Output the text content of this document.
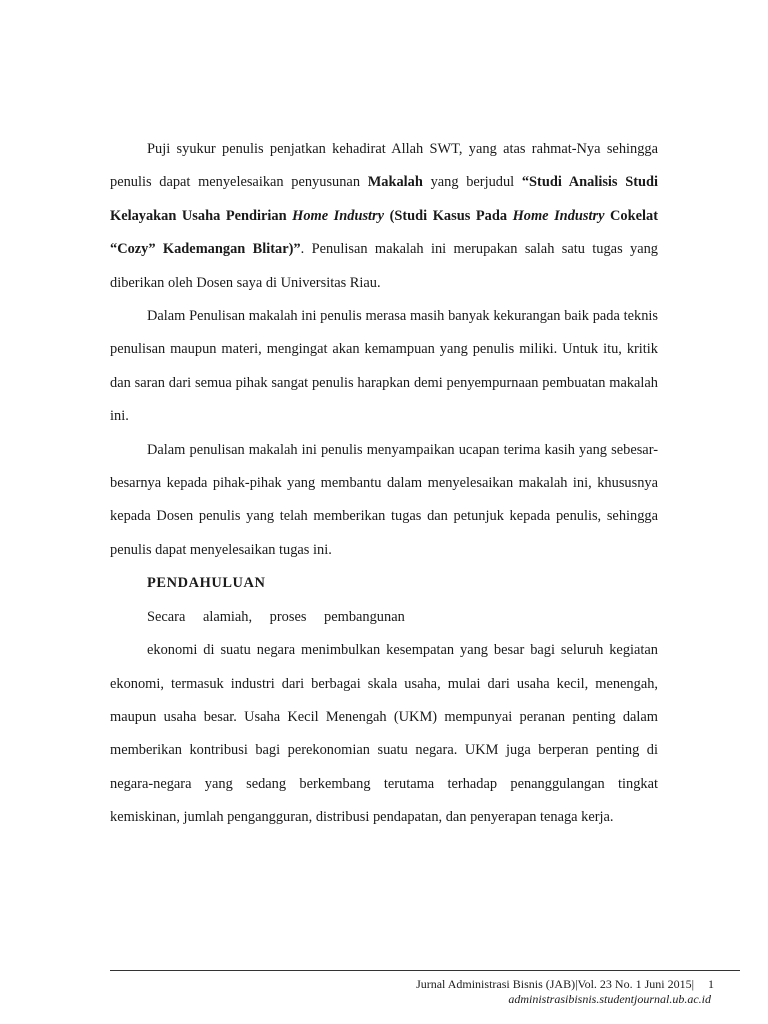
Puji syukur penulis penjatkan kehadirat Allah SWT, yang atas rahmat-Nya sehingga penulis dapat menyelesaikan penyusunan Makalah yang berjudul “Studi Analisis Studi Kelayakan Usaha Pendirian Home Industry (Studi Kasus Pada Home Industry Cokelat “Cozy” Kademangan Blitar)”. Penulisan makalah ini merupakan salah satu tugas yang diberikan oleh Dosen saya di Universitas Riau.

Dalam Penulisan makalah ini penulis merasa masih banyak kekurangan baik pada teknis penulisan maupun materi, mengingat akan kemampuan yang penulis miliki. Untuk itu, kritik dan saran dari semua pihak sangat penulis harapkan demi penyempurnaan pembuatan makalah ini.

Dalam penulisan makalah ini penulis menyampaikan ucapan terima kasih yang sebesar-besarnya kepada pihak-pihak yang membantu dalam menyelesaikan makalah ini, khususnya kepada Dosen penulis yang telah memberikan tugas dan petunjuk kepada penulis, sehingga penulis dapat menyelesaikan tugas ini.

PENDAHULUAN

Secara alamiah, proses pembangunan

ekonomi di suatu negara menimbulkan kesempatan yang besar bagi seluruh kegiatan ekonomi, termasuk industri dari berbagai skala usaha, mulai dari usaha kecil, menengah, maupun usaha besar. Usaha Kecil Menengah (UKM) mempunyai peranan penting dalam memberikan kontribusi bagi perekonomian suatu negara. UKM juga berperan penting di negara-negara yang sedang berkembang terutama terhadap penanggulangan tingkat kemiskinan, jumlah pengangguran, distribusi pendapatan, dan penyerapan tenaga kerja.

Jurnal Administrasi Bisnis (JAB)|Vol. 23 No. 1 Juni 2015| 1
administrasibisnis.studentjournal.ub.ac.id
